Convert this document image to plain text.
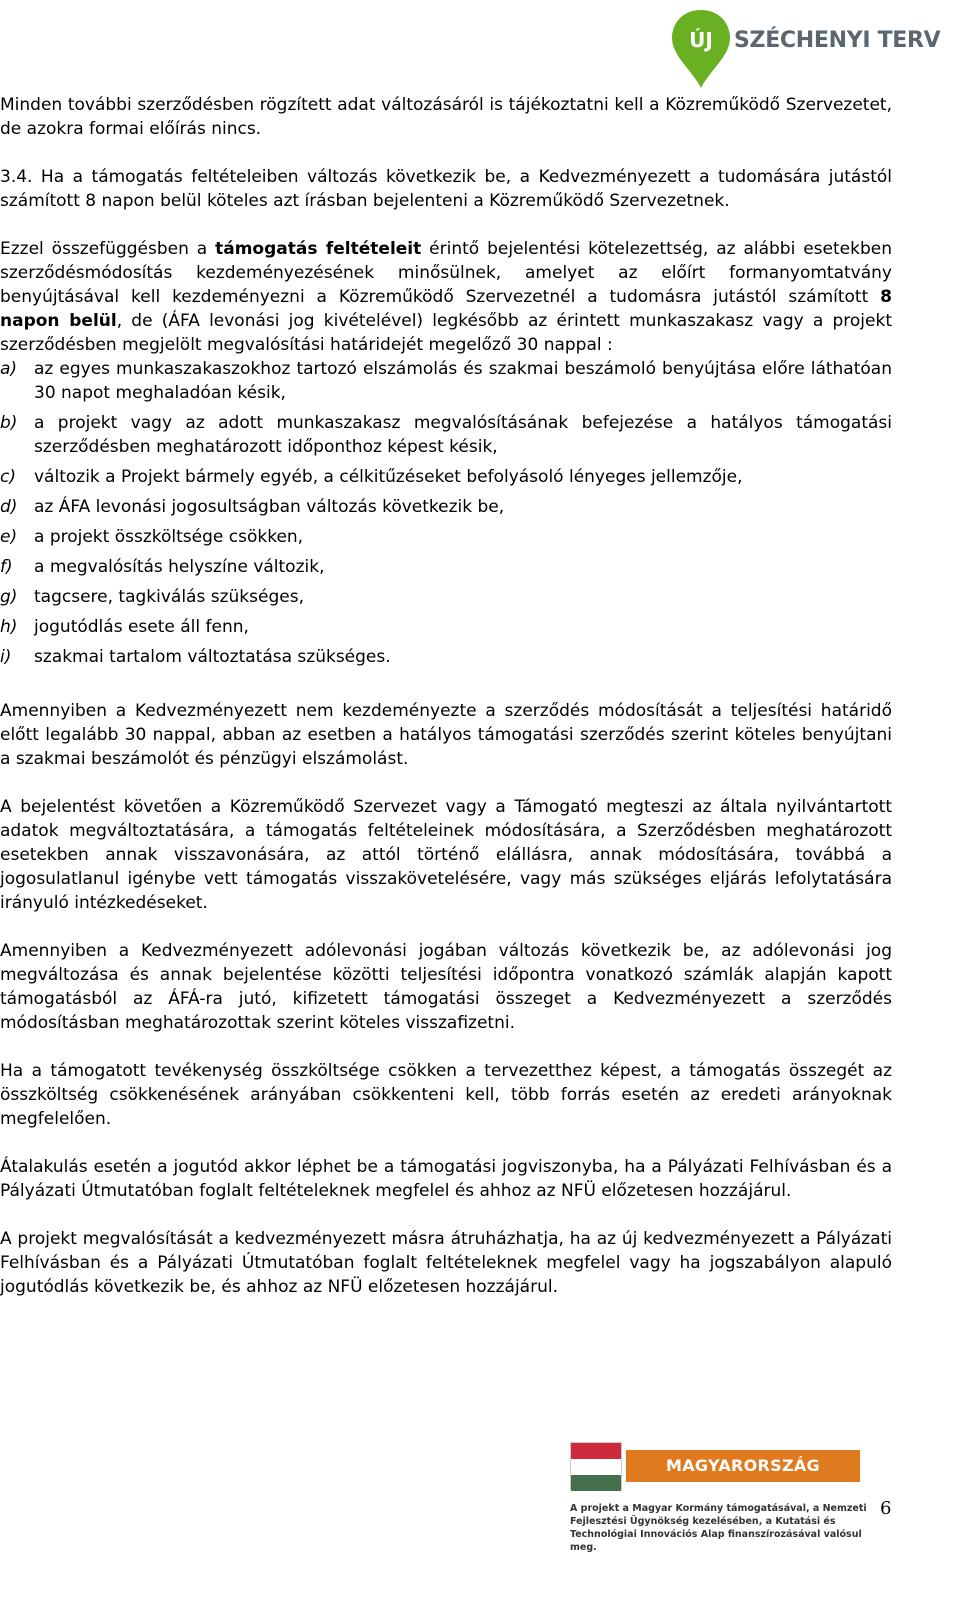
ÚJ SZÉCHENYI TERV

Minden további szerződésben rögzített adat változásáról is tájékoztatni kell a Közreműködő Szervezetet, de azokra formai előírás nincs.

3.4. Ha a támogatás feltételeiben változás következik be, a Kedvezményezett a tudomására jutástól számított 8 napon belül köteles azt írásban bejelenteni a Közreműködő Szervezetnek.

Ezzel összefüggésben a támogatás feltételeit érintő bejelentési kötelezettség, az alábbi esetekben szerződésmódosítás kezdeményezésének minősülnek, amelyet az előírt formanyomtatvány benyújtásával kell kezdeményezni a Közreműködő Szervezetnél a tudomásra jutástól számított 8 napon belül, de (ÁFA levonási jog kivételével) legkésőbb az érintett munkaszakasz vagy a projekt szerződésben megjelölt megvalósítási határidejét megelőző 30 nappal :

a) az egyes munkaszakaszokhoz tartozó elszámolás és szakmai beszámoló benyújtása előre láthatóan 30 napot meghaladóan késik,
b) a projekt vagy az adott munkaszakasz megvalósításának befejezése a hatályos támogatási szerződésben meghatározott időponthoz képest késik,
c)	változik a Projekt bármely egyéb, a célkitűzéseket befolyásoló lényeges jellemzője,
d) az ÁFA levonási jogosultságban változás következik be,
e) a projekt összköltsége csökken,
f)	a megvalósítás helyszíne változik,
g) tagcsere, tagkiválás szükséges,
h) jogutódlás esete áll fenn,
i)	szakmai tartalom változtatása szükséges.

Amennyiben a Kedvezményezett nem kezdeményezte a szerződés módosítását a teljesítési határidő előtt legalább 30 nappal, abban az esetben a hatályos támogatási szerződés szerint köteles benyújtani a szakmai beszámolót és pénzügyi elszámolást.

A bejelentést követően a Közreműködő Szervezet vagy a Támogató megteszi az általa nyilvántartott adatok megváltoztatására, a támogatás feltételeinek módosítására, a Szerződésben meghatározott esetekben annak visszavonására, az attól történő elállásra, annak módosítására, továbbá a jogosulatlanul igénybe vett támogatás visszakövetelésére, vagy más szükséges eljárás lefolytatására irányuló intézkedéseket.

Amennyiben a Kedvezményezett adólevonási jogában változás következik be, az adólevonási jog megváltozása és annak bejelentése közötti teljesítési időpontra vonatkozó számlák alapján kapott támogatásból az ÁFÁ-ra jutó, kifizetett támogatási összeget a Kedvezményezett a szerződés módosításban meghatározottak szerint köteles visszafizetni.

Ha a támogatott tevékenység összköltsége csökken a tervezetthez képest, a támogatás összegét az összköltség csökkenésének arányában csökkenteni kell, több forrás esetén az eredeti arányoknak megfelelően.

Átalakulás esetén a jogutód akkor léphet be a támogatási jogviszonyba, ha a Pályázati Felhívásban és a Pályázati Útmutatóban foglalt feltételeknek megfelel és ahhoz az NFÜ előzetesen hozzájárul.

A projekt megvalósítását a kedvezményezett másra átruházhatja, ha az új kedvezményezett a Pályázati Felhívásban és a Pályázati Útmutatóban foglalt feltételeknek megfelel vagy ha jogszabályon alapuló jogutódlás következik be, és ahhoz az NFÜ előzetesen hozzájárul.

MAGYARORSZÁG MEGÚJUL
A projekt a Magyar Kormány támogatásával, a Nemzeti Fejlesztési Ügynökség kezelésében, a Kutatási és Technológiai Innovációs Alap finanszírozásával valósul meg.
6
